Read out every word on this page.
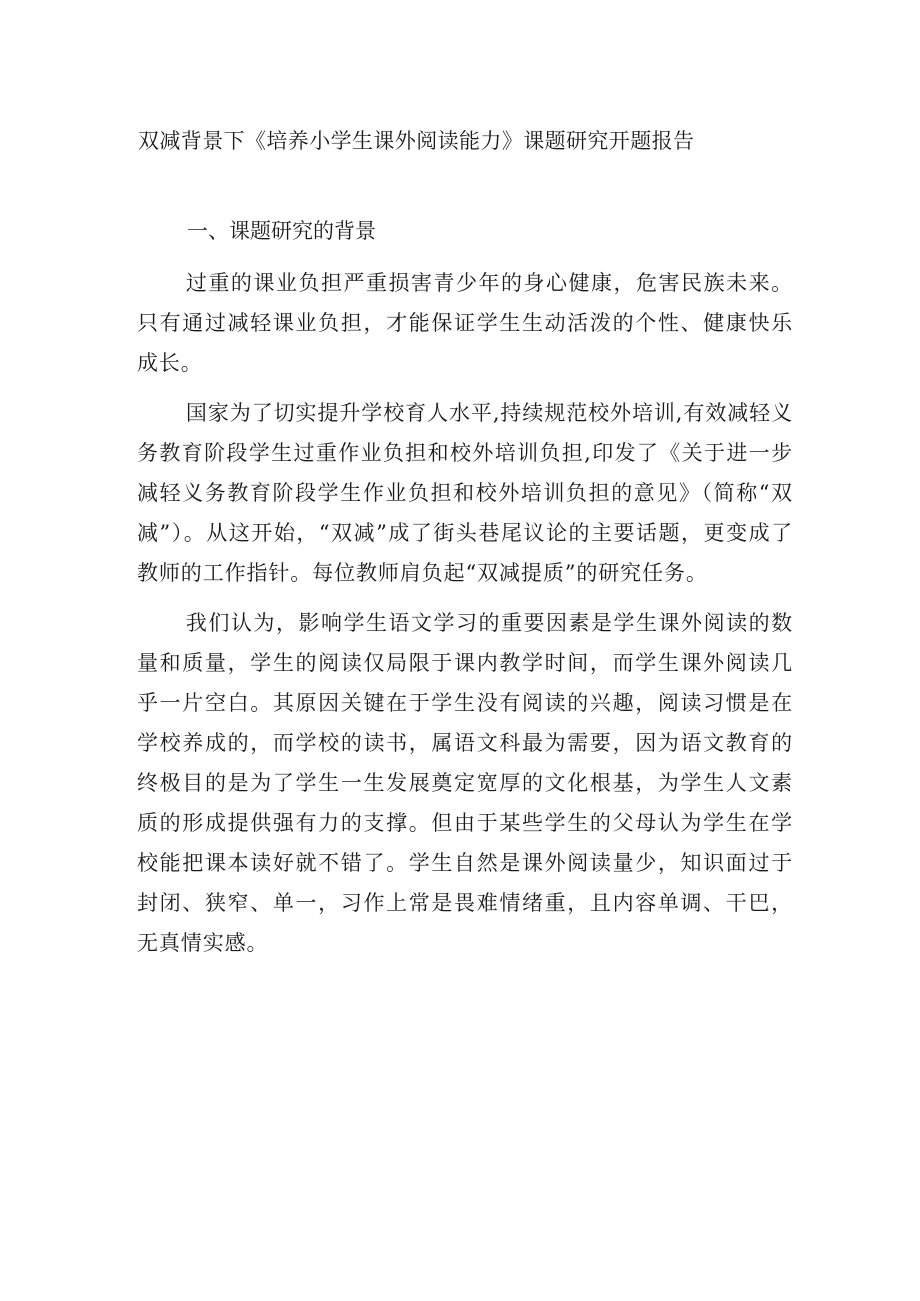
双减背景下《培养小学生课外阅读能力》课题研究开题报告
一、课题研究的背景

过重的课业负担严重损害青少年的身心健康，危害民族未来。只有通过减轻课业负担，才能保证学生生动活泼的个性、健康快乐成长。

国家为了切实提升学校育人水平,持续规范校外培训,有效减轻义务教育阶段学生过重作业负担和校外培训负担,印发了《关于进一步减轻义务教育阶段学生作业负担和校外培训负担的意见》（简称“双减”）。从这开始，“双减”成了街头巷尾议论的主要话题，更变成了教师的工作指针。每位教师肩负起“双减提质”的研究任务。

我们认为，影响学生语文学习的重要因素是学生课外阅读的数量和质量，学生的阅读仅局限于课内教学时间，而学生课外阅读几乎一片空白。其原因关键在于学生没有阅读的兴趣，阅读习惯是在学校养成的，而学校的读书，属语文科最为需要，因为语文教育的终极目的是为了学生一生发展奠定宽厚的文化根基，为学生人文素质的形成提供强有力的支撑。但由于某些学生的父母认为学生在学校能把课本读好就不错了。学生自然是课外阅读量少，知识面过于封闭、狭窄、单一，习作上常是畏难情绪重，且内容单调、干巴，无真情实感。
